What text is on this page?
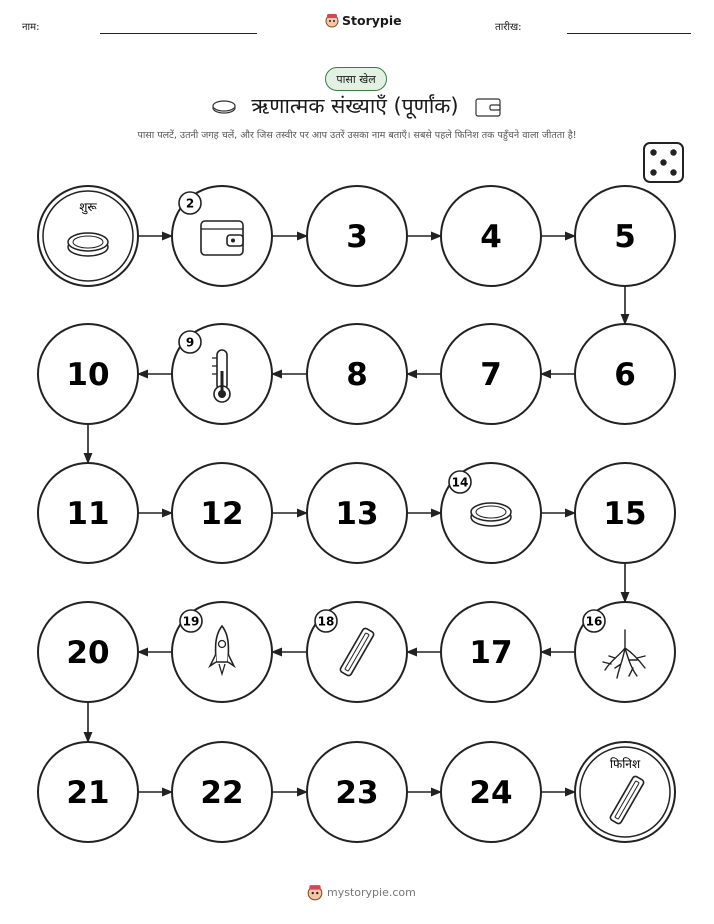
नाम:	Storypie	तारीख:
पासा खेल
ऋणात्मक संख्याएँ (पूर्णांक)
पासा पलटें, उतनी जगह चलें, और जिस तस्वीर पर आप उतरें उसका नाम बताएँ। सबसे पहले फिनिश तक पहुँचने वाला जीतता है!
शुरू	2
3	4	5
6
7
8
9
10
11	12	13
14
15
16
17
18
19
20
21	22	23	24
फिनिश
mystorypie.com
